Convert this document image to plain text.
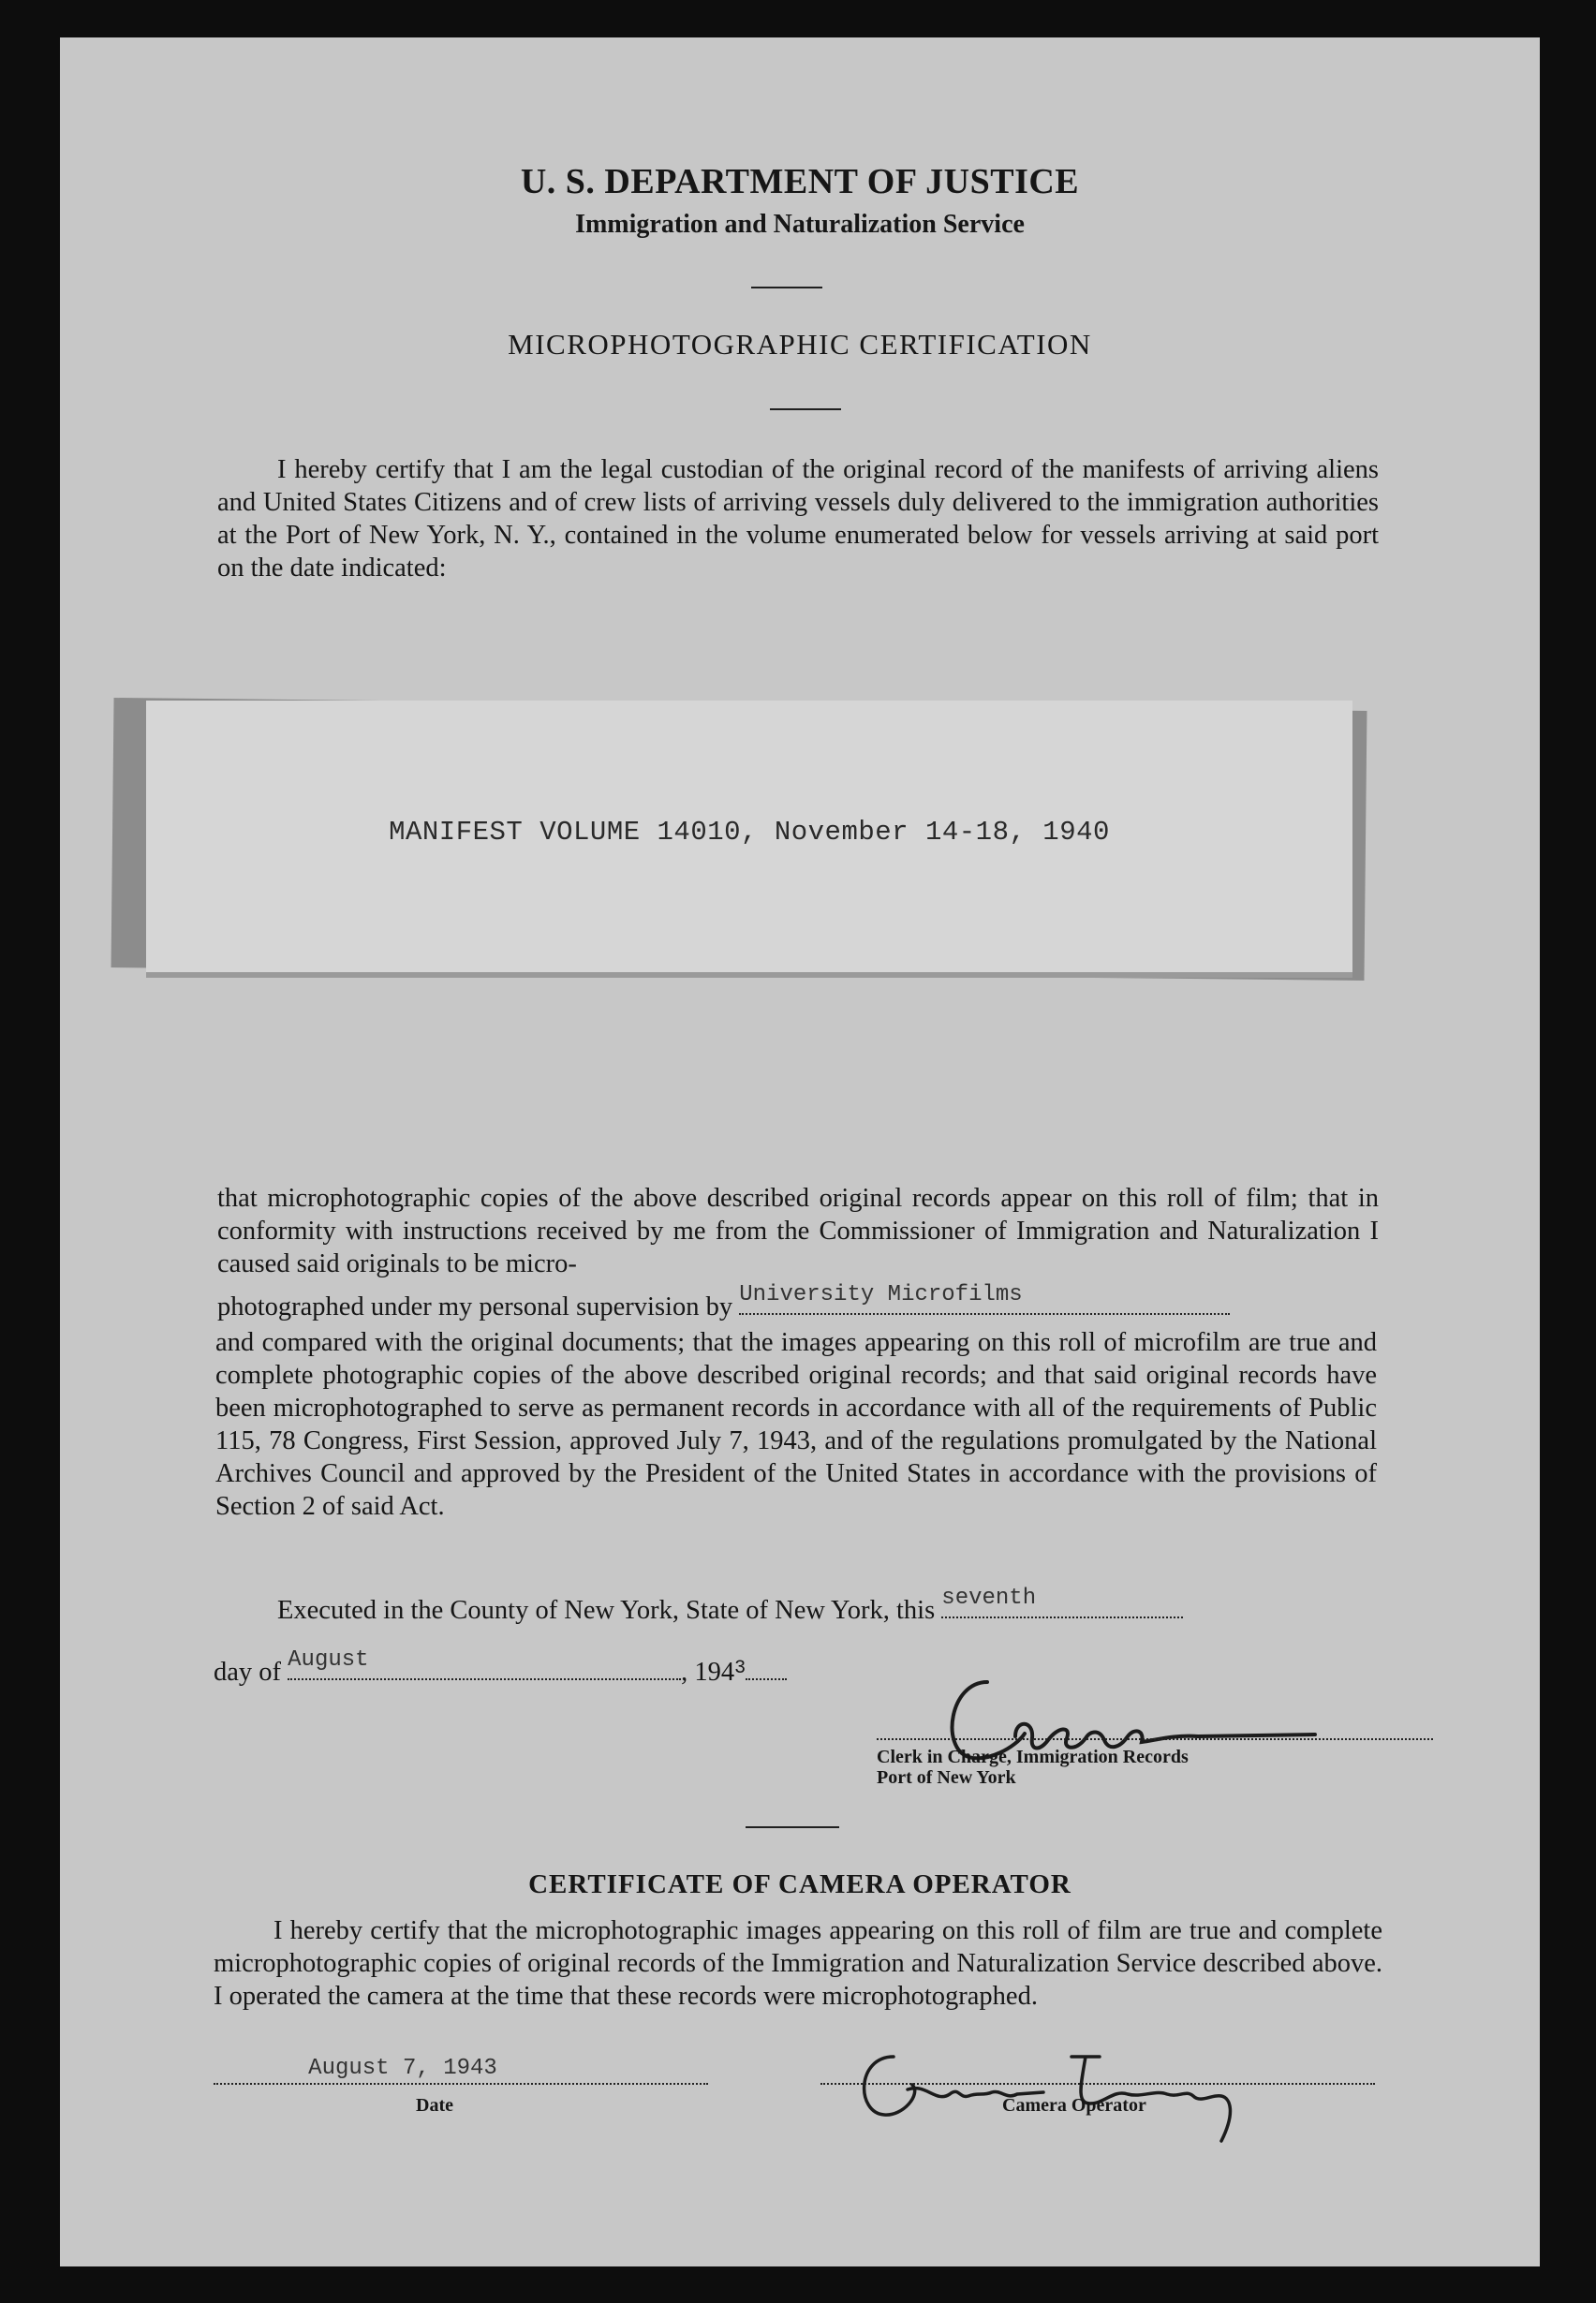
U. S. DEPARTMENT OF JUSTICE
Immigration and Naturalization Service
MICROPHOTOGRAPHIC CERTIFICATION
I hereby certify that I am the legal custodian of the original record of the manifests of arriving aliens and United States Citizens and of crew lists of arriving vessels duly delivered to the immigration authorities at the Port of New York, N. Y., contained in the volume enumerated below for vessels arriving at said port on the date indicated:
MANIFEST VOLUME 14010, November 14-18, 1940
that microphotographic copies of the above described original records appear on this roll of film; that in conformity with instructions received by me from the Commissioner of Immigration and Naturalization I caused said originals to be micro-
photographed under my personal supervision by University Microfilms
and compared with the original documents; that the images appearing on this roll of microfilm are true and complete photographic copies of the above described original records; and that said original records have been microphotographed to serve as permanent records in accordance with all of the requirements of Public 115, 78 Congress, First Session, approved July 7, 1943, and of the regulations promulgated by the National Archives Council and approved by the President of the United States in accordance with the provisions of Section 2 of said Act.
Executed in the County of New York, State of New York, this seventh
day of August	, $194^3$
Clerk in Charge, Immigration Records
Port of New York
CERTIFICATE OF CAMERA OPERATOR
I hereby certify that the microphotographic images appearing on this roll of film are true and complete microphotographic copies of original records of the Immigration and Naturalization Service described above. I operated the camera at the time that these records were microphotographed.
August 7, 1943
Date	Camera Operator
